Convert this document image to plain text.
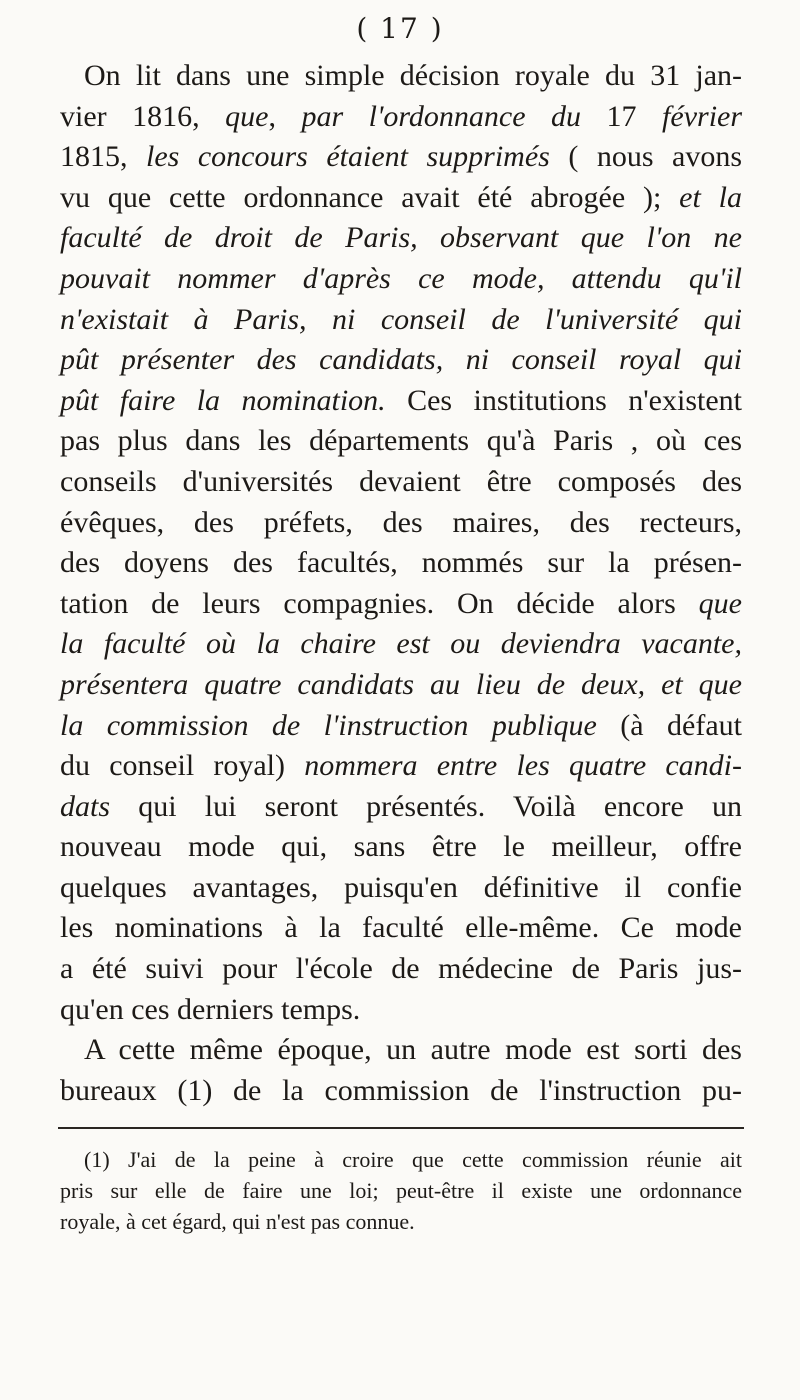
( 17 )
On lit dans une simple décision royale du 31 jan-
vier 1816, que, par l'ordonnance du 17 février
1815, les concours étaient supprimés ( nous avons
vu que cette ordonnance avait été abrogée ); et la
faculté de droit de Paris, observant que l'on ne
pouvait nommer d'après ce mode, attendu qu'il
n'existait à Paris, ni conseil de l'université qui
pût présenter des candidats, ni conseil royal qui
pût faire la nomination. Ces institutions n'existent
pas plus dans les départements qu'à Paris , où ces
conseils d'universités devaient être composés des
évêques, des préfets, des maires, des recteurs,
des doyens des facultés, nommés sur la présen-
tation de leurs compagnies. On décide alors que
la faculté où la chaire est ou deviendra vacante,
présentera quatre candidats au lieu de deux, et que
la commission de l'instruction publique (à défaut
du conseil royal) nommera entre les quatre candi-
dats qui lui seront présentés. Voilà encore un
nouveau mode qui, sans être le meilleur, offre
quelques avantages, puisqu'en définitive il confie
les nominations à la faculté elle-même. Ce mode
a été suivi pour l'école de médecine de Paris jus-
qu'en ces derniers temps.
A cette même époque, un autre mode est sorti des
bureaux (1) de la commission de l'instruction pu-
(1) J'ai de la peine à croire que cette commission réunie ait
pris sur elle de faire une loi; peut-être il existe une ordonnance
royale, à cet égard, qui n'est pas connue.
